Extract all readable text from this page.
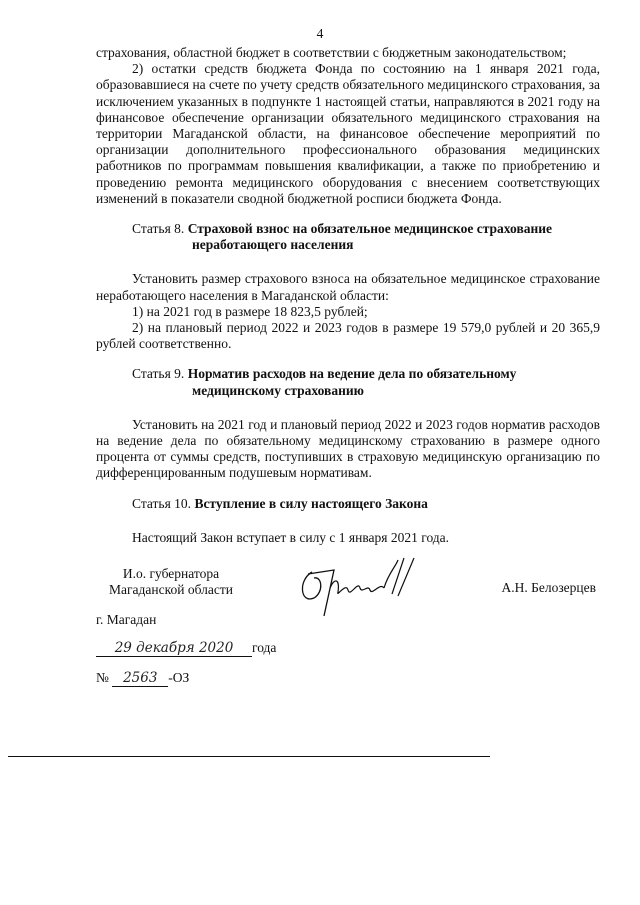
4

страхования, областной бюджет в соответствии с бюджетным законодательством;

2) остатки средств бюджета Фонда по состоянию на 1 января 2021 года, образовавшиеся на счете по учету средств обязательного медицинского страхования, за исключением указанных в подпункте 1 настоящей статьи, направляются в 2021 году на финансовое обеспечение организации обязательного медицинского страхования на территории Магаданской области, на финансовое обеспечение мероприятий по организации дополнительного профессионального образования медицинских работников по программам повышения квалификации, а также по приобретению и проведению ремонта медицинского оборудования с внесением соответствующих изменений в показатели сводной бюджетной росписи бюджета Фонда.

Статья 8. Страховой взнос на обязательное медицинское страхование
неработающего населения

Установить размер страхового взноса на обязательное медицинское страхование неработающего населения в Магаданской области:

1) на 2021 год в размере 18 823,5 рублей;

2) на плановый период 2022 и 2023 годов в размере 19 579,0 рублей и 20 365,9 рублей соответственно.

Статья 9. Норматив расходов на ведение дела по обязательному
медицинскому страхованию

Установить на 2021 год и плановый период 2022 и 2023 годов норматив расходов на ведение дела по обязательному медицинскому страхованию в размере одного процента от суммы средств, поступивших в страховую медицинскую организацию по дифференцированным подушевым нормативам.

Статья 10. Вступление в силу настоящего Закона

Настоящий Закон вступает в силу с 1 января 2021 года.

И.о. губернатора
Магаданской области	А.Н. Белозерцев
г. Магадан
29 декабря 2020 года
№ 2563 -ОЗ
